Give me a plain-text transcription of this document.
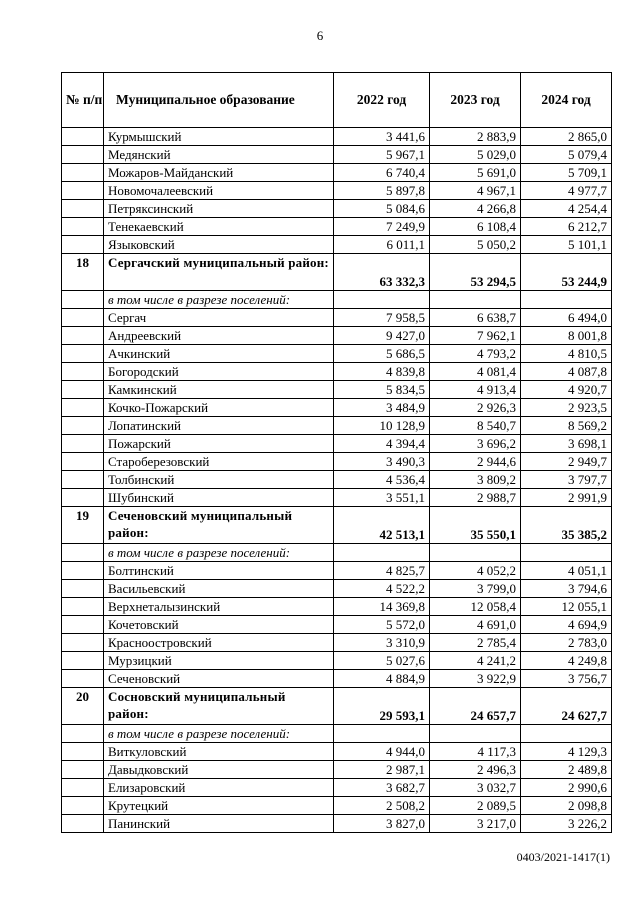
6
№ п/п	Муниципальное образование	2022 год	2023 год	2024 год
	Курмышский	3 441,6	2 883,9	2 865,0
	Медянский	5 967,1	5 029,0	5 079,4
	Можаров-Майданский	6 740,4	5 691,0	5 709,1
	Новомочалеевский	5 897,8	4 967,1	4 977,7
	Петряксинский	5 084,6	4 266,8	4 254,4
	Тенекаевский	7 249,9	6 108,4	6 212,7
	Языковский	6 011,1	5 050,2	5 101,1
18	Сергачский муниципальный район:	63 332,3	53 294,5	53 244,9
	в том числе в разрезе поселений:			
	Сергач	7 958,5	6 638,7	6 494,0
	Андреевский	9 427,0	7 962,1	8 001,8
	Ачкинский	5 686,5	4 793,2	4 810,5
	Богородский	4 839,8	4 081,4	4 087,8
	Камкинский	5 834,5	4 913,4	4 920,7
	Кочко-Пожарский	3 484,9	2 926,3	2 923,5
	Лопатинский	10 128,9	8 540,7	8 569,2
	Пожарский	4 394,4	3 696,2	3 698,1
	Староберезовский	3 490,3	2 944,6	2 949,7
	Толбинский	4 536,4	3 809,2	3 797,7
	Шубинский	3 551,1	2 988,7	2 991,9
19	Сеченовский муниципальный район:	42 513,1	35 550,1	35 385,2
	в том числе в разрезе поселений:			
	Болтинский	4 825,7	4 052,2	4 051,1
	Васильевский	4 522,2	3 799,0	3 794,6
	Верхнеталызинский	14 369,8	12 058,4	12 055,1
	Кочетовский	5 572,0	4 691,0	4 694,9
	Красноостровский	3 310,9	2 785,4	2 783,0
	Мурзицкий	5 027,6	4 241,2	4 249,8
	Сеченовский	4 884,9	3 922,9	3 756,7
20	Сосновский муниципальный район:	29 593,1	24 657,7	24 627,7
	в том числе в разрезе поселений:			
	Виткуловский	4 944,0	4 117,3	4 129,3
	Давыдковский	2 987,1	2 496,3	2 489,8
	Елизаровский	3 682,7	3 032,7	2 990,6
	Крутецкий	2 508,2	2 089,5	2 098,8
	Панинский	3 827,0	3 217,0	3 226,2
0403/2021-1417(1)
